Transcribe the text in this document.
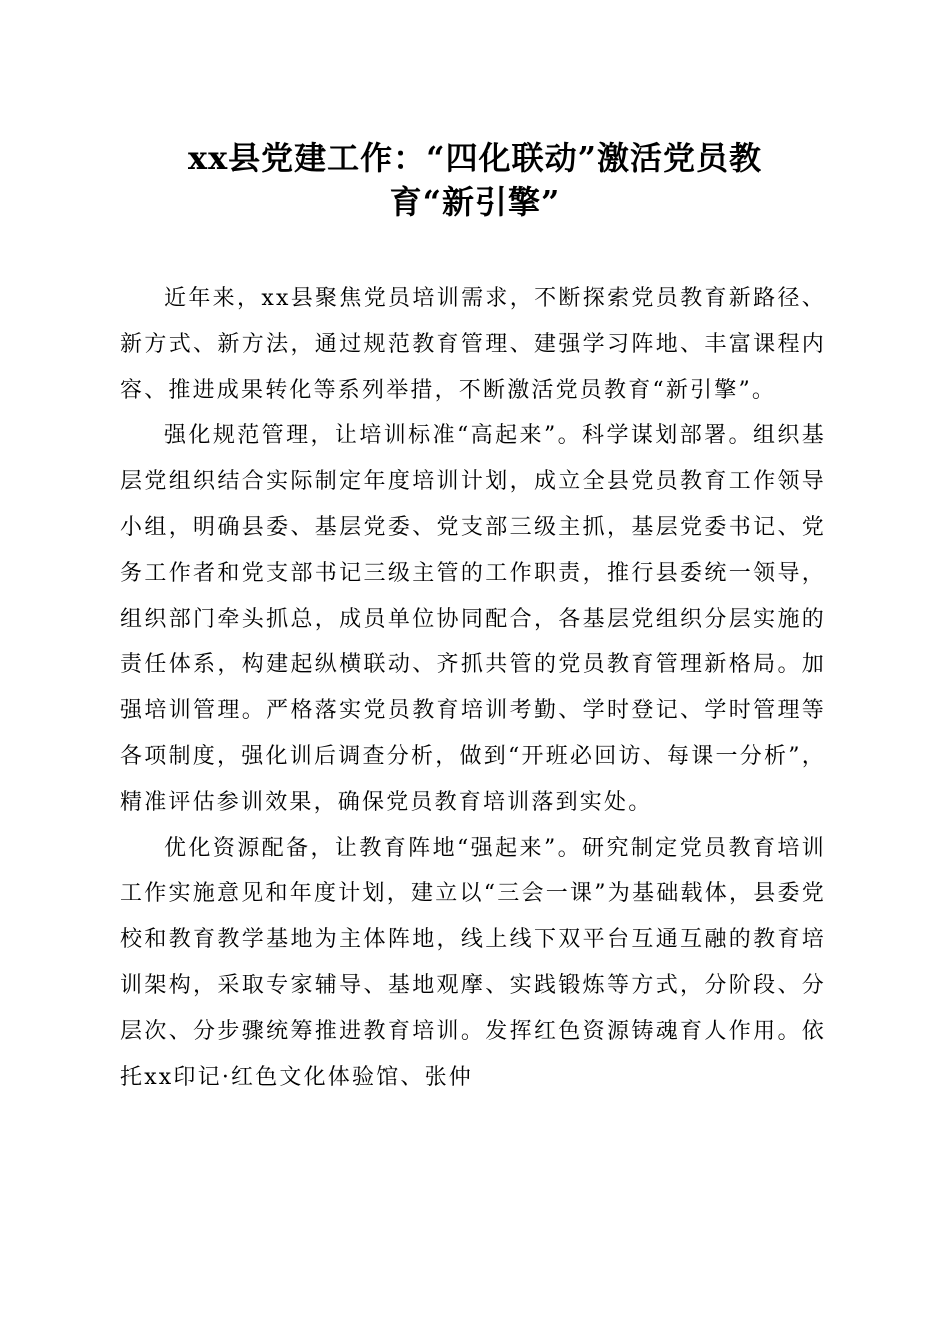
xx县党建工作：“四化联动”激活党员教
育“新引擎”

近年来，xx县聚焦党员培训需求，不断探索党员教育新路径、新方式、新方法，通过规范教育管理、建强学习阵地、丰富课程内容、推进成果转化等系列举措，不断激活党员教育“新引擎”。

强化规范管理，让培训标准“高起来”。科学谋划部署。组织基层党组织结合实际制定年度培训计划，成立全县党员教育工作领导小组，明确县委、基层党委、党支部三级主抓，基层党委书记、党务工作者和党支部书记三级主管的工作职责，推行县委统一领导，组织部门牵头抓总，成员单位协同配合，各基层党组织分层实施的责任体系，构建起纵横联动、齐抓共管的党员教育管理新格局。加强培训管理。严格落实党员教育培训考勤、学时登记、学时管理等各项制度，强化训后调查分析，做到“开班必回访、每课一分析”，精准评估参训效果，确保党员教育培训落到实处。

优化资源配备，让教育阵地“强起来”。研究制定党员教育培训工作实施意见和年度计划，建立以“三会一课”为基础载体，县委党校和教育教学基地为主体阵地，线上线下双平台互通互融的教育培训架构，采取专家辅导、基地观摩、实践锻炼等方式，分阶段、分层次、分步骤统筹推进教育培训。发挥红色资源铸魂育人作用。依托xx印记·红色文化体验馆、张仲
